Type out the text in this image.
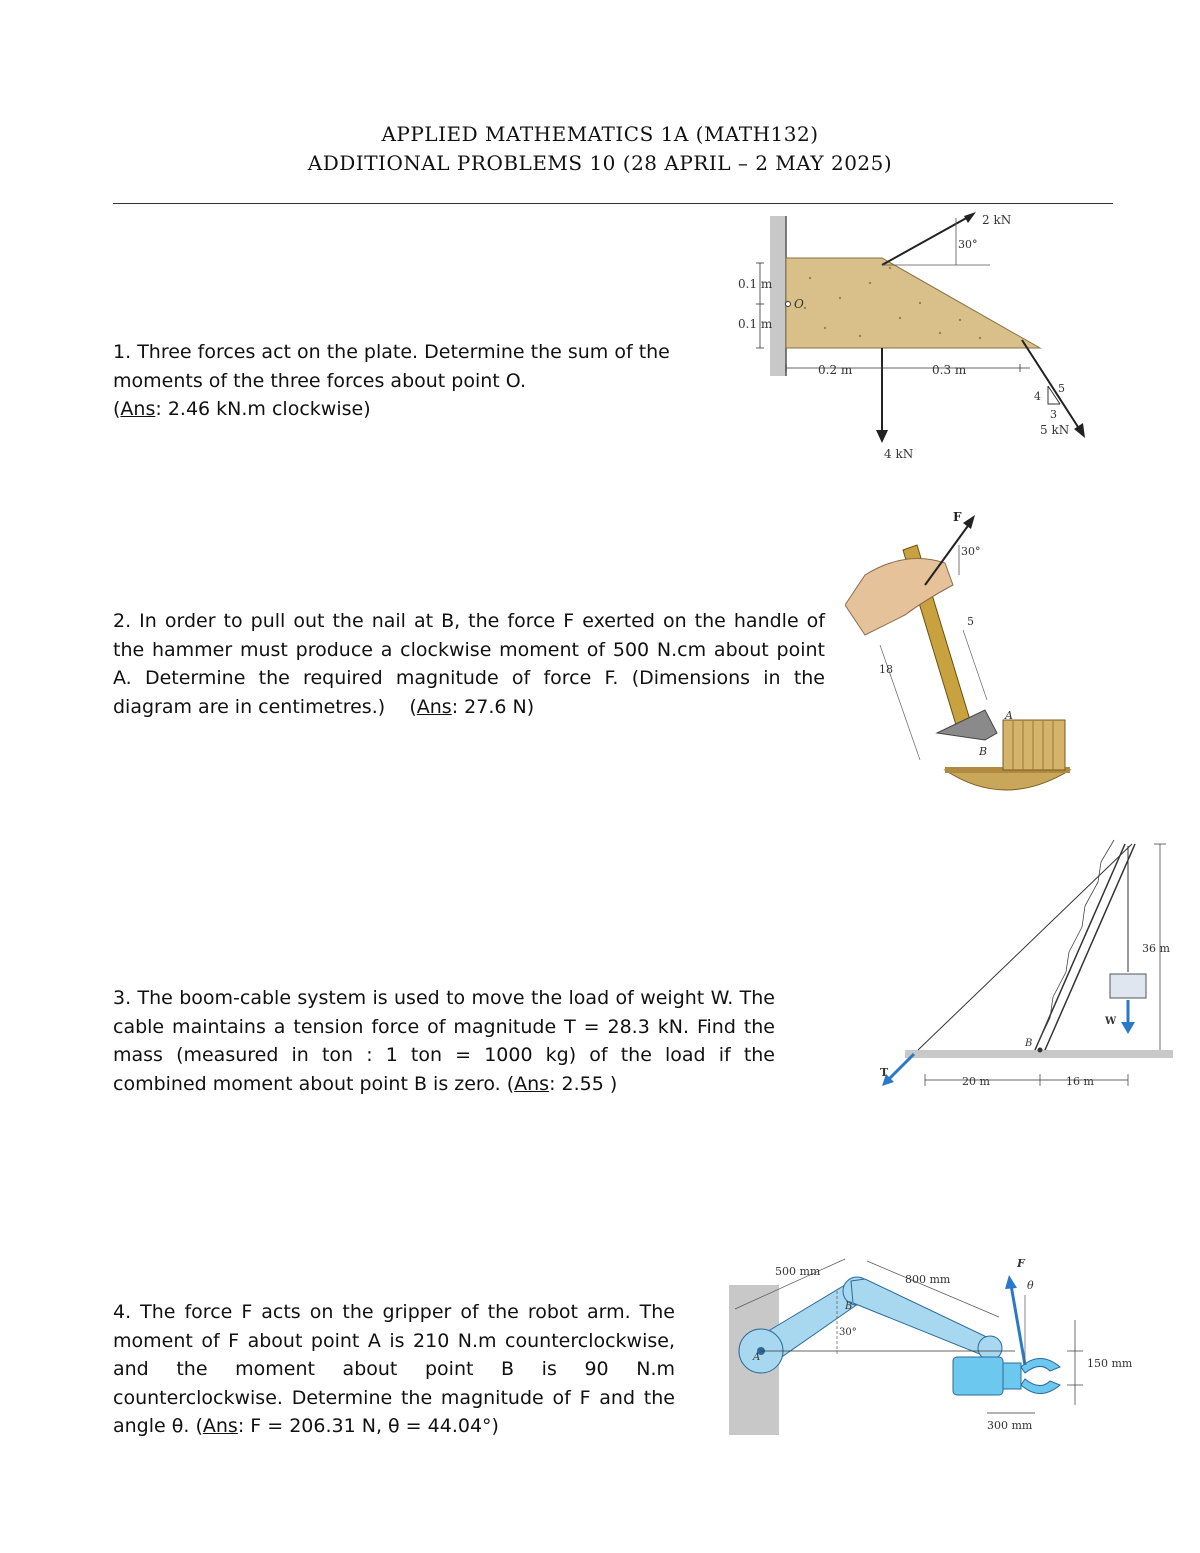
APPLIED MATHEMATICS 1A (MATH132)
ADDITIONAL PROBLEMS 10 (28 APRIL – 2 MAY 2025)

1. Three forces act on the plate. Determine the sum of the moments of the three forces about point O.

(Ans: 2.46 kN.m clockwise)

0.1 m
0.1 m
O
0.2 m	0.3 m
2 kN
30°
4 kN
4
5
3
5 kN

2. In order to pull out the nail at B, the force F exerted on the handle of the hammer must produce a clockwise moment of 500 N.cm about point A. Determine the required magnitude of force F. (Dimensions in the diagram are in centimetres.)    (Ans: 27.6 N)

F
30°
5
18
A
B

3. The boom-cable system is used to move the load of weight W. The cable maintains a tension force of magnitude T = 28.3 kN. Find the mass (measured in ton : 1 ton = 1000 kg) of the load if the combined moment about point B is zero. (Ans: 2.55 )

36 m
W
B
T
20 m	16 m

4. The force F acts on the gripper of the robot arm. The moment of F about point A is 210 N.m counterclockwise, and the moment about point B is 90 N.m counterclockwise. Determine the magnitude of F and the angle θ. (Ans: F = 206.31 N, θ = 44.04°)

500 mm
800 mm
30°
A
B
F
θ
150 mm
300 mm
